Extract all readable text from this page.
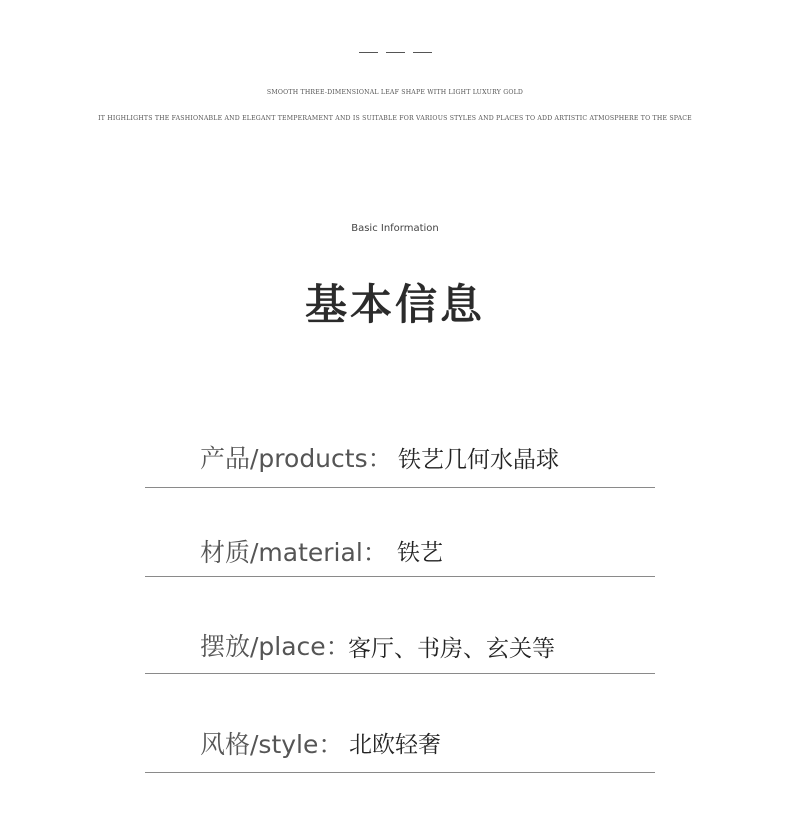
SMOOTH THREE-DIMENSIONAL LEAF SHAPE WITH LIGHT LUXURY GOLD
IT HIGHLIGHTS THE FASHIONABLE AND ELEGANT TEMPERAMENT AND IS SUITABLE FOR VARIOUS STYLES AND PLACES TO ADD ARTISTIC ATMOSPHERE TO THE SPACE
Basic Information
基本信息
产品/products： 铁艺几何水晶球
材质/material： 铁艺
摆放/place：
客厅、书房、玄关等
风格/style： 北欧轻奢
